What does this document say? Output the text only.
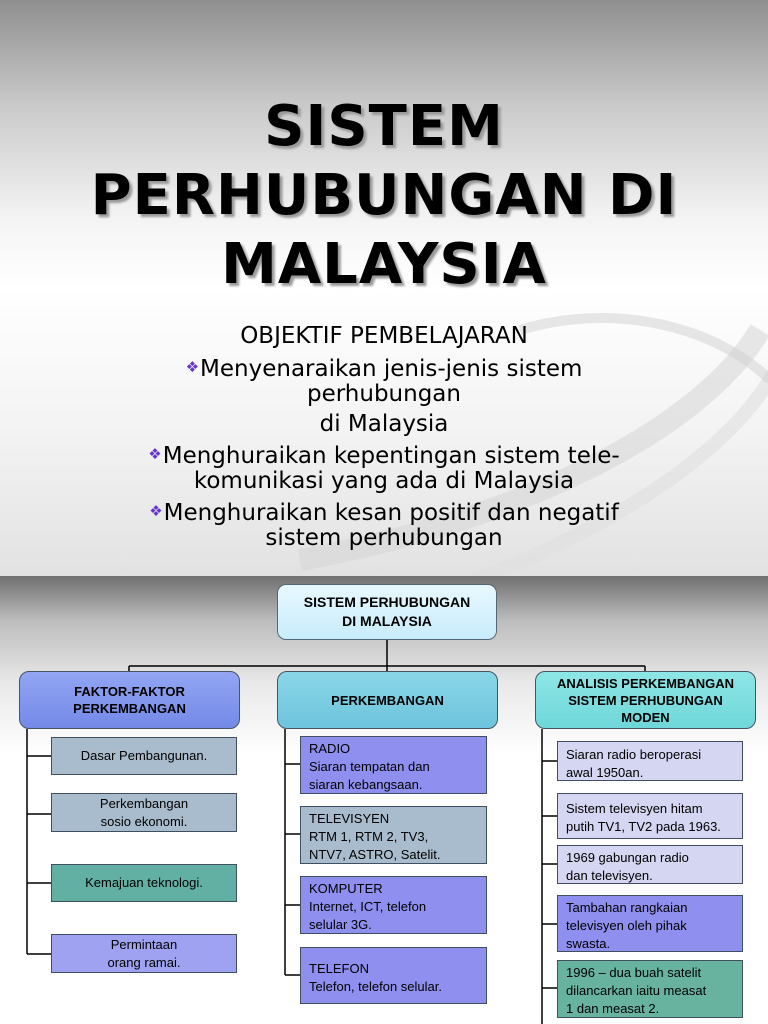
SISTEM
PERHUBUNGAN DI
MALAYSIA
OBJEKTIF PEMBELAJARAN
❖Menyenaraikan jenis-jenis sistem
perhubungan
di Malaysia
❖Menghuraikan kepentingan sistem tele-
komunikasi yang ada di Malaysia
❖Menghuraikan kesan positif dan negatif
sistem perhubungan
SISTEM PERHUBUNGAN
DI MALAYSIA
FAKTOR-FAKTOR
PERKEMBANGAN
PERKEMBANGAN
ANALISIS PERKEMBANGAN
SISTEM PERHUBUNGAN
MODEN
Dasar Pembangunan.
Perkembangan
sosio ekonomi.
Kemajuan teknologi.
Permintaan
orang ramai.
RADIO
Siaran tempatan dan
siaran kebangsaan.
TELEVISYEN
RTM 1, RTM 2, TV3,
NTV7, ASTRO, Satelit.
KOMPUTER
Internet, ICT, telefon
selular 3G.
TELEFON
Telefon, telefon selular.
Siaran radio beroperasi
awal 1950an.
Sistem televisyen hitam
putih TV1, TV2 pada 1963.
1969 gabungan radio
dan televisyen.
Tambahan rangkaian
televisyen oleh pihak
swasta.
1996 – dua buah satelit
dilancarkan iaitu measat
1 dan measat 2.
